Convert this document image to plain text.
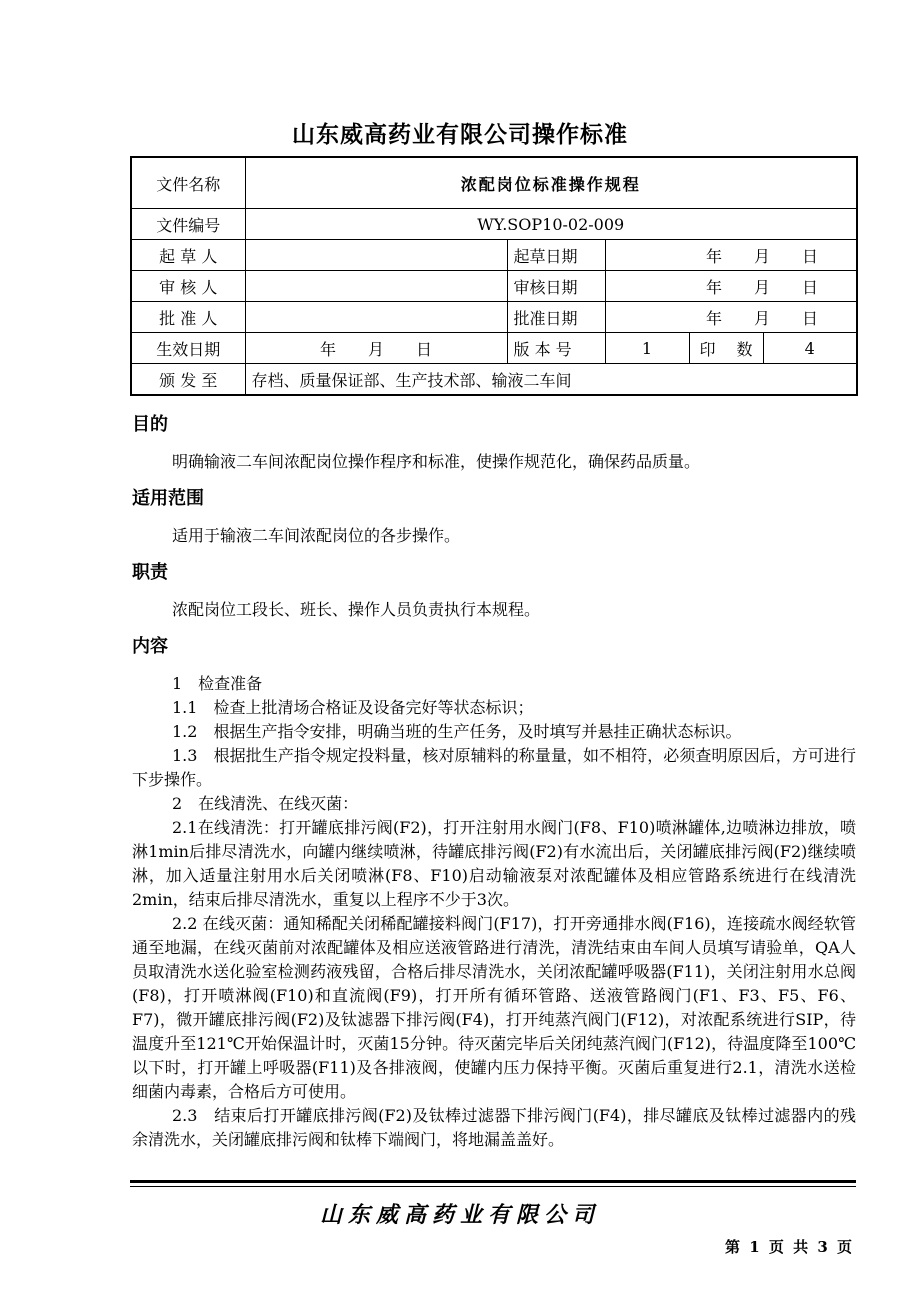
山东威高药业有限公司操作标准
文件名称	浓配岗位标准操作规程				
文件编号	WY.SOP10-02-009				
起 草 人		起草日期	年　　月　　日		
审 核 人		审核日期	年　　月　　日		
批 准 人		批准日期	年　　月　　日		
生效日期	年　　月　　日	版 本 号	1	印　 数	4
颁 发 至	存档、质量保证部、生产技术部、输液二车间				
目的

明确输液二车间浓配岗位操作程序和标准，使操作规范化，确保药品质量。

适用范围

适用于输液二车间浓配岗位的各步操作。

职责

浓配岗位工段长、班长、操作人员负责执行本规程。

内容

1　检查准备

1.1　检查上批清场合格证及设备完好等状态标识；

1.2　根据生产指令安排，明确当班的生产任务，及时填写并悬挂正确状态标识。

1.3　根据批生产指令规定投料量，核对原辅料的称量量，如不相符，必须查明原因后，方可进行下步操作。

2　在线清洗、在线灭菌：

2.1在线清洗：打开罐底排污阀(F2)，打开注射用水阀门(F8、F10)喷淋罐体,边喷淋边排放，喷淋1min后排尽清洗水，向罐内继续喷淋，待罐底排污阀(F2)有水流出后，关闭罐底排污阀(F2)继续喷淋，加入适量注射用水后关闭喷淋(F8、F10)启动输液泵对浓配罐体及相应管路系统进行在线清洗2min，结束后排尽清洗水，重复以上程序不少于3次。

2.2 在线灭菌：通知稀配关闭稀配罐接料阀门(F17)，打开旁通排水阀(F16)，连接疏水阀经软管通至地漏，在线灭菌前对浓配罐体及相应送液管路进行清洗，清洗结束由车间人员填写请验单，QA人员取清洗水送化验室检测药液残留，合格后排尽清洗水，关闭浓配罐呼吸器(F11)，关闭注射用水总阀(F8)，打开喷淋阀(F10)和直流阀(F9)，打开所有循环管路、送液管路阀门(F1、F3、F5、F6、F7)，微开罐底排污阀(F2)及钛滤器下排污阀(F4)，打开纯蒸汽阀门(F12)，对浓配系统进行SIP，待温度升至121℃开始保温计时，灭菌15分钟。待灭菌完毕后关闭纯蒸汽阀门(F12)，待温度降至100℃以下时，打开罐上呼吸器(F11)及各排液阀，使罐内压力保持平衡。灭菌后重复进行2.1，清洗水送检细菌内毒素，合格后方可使用。

2.3　结束后打开罐底排污阀(F2)及钛棒过滤器下排污阀门(F4)，排尽罐底及钛棒过滤器内的残余清洗水，关闭罐底排污阀和钛棒下端阀门，将地漏盖盖好。

山东威高药业有限公司
第 1 页 共 3 页
